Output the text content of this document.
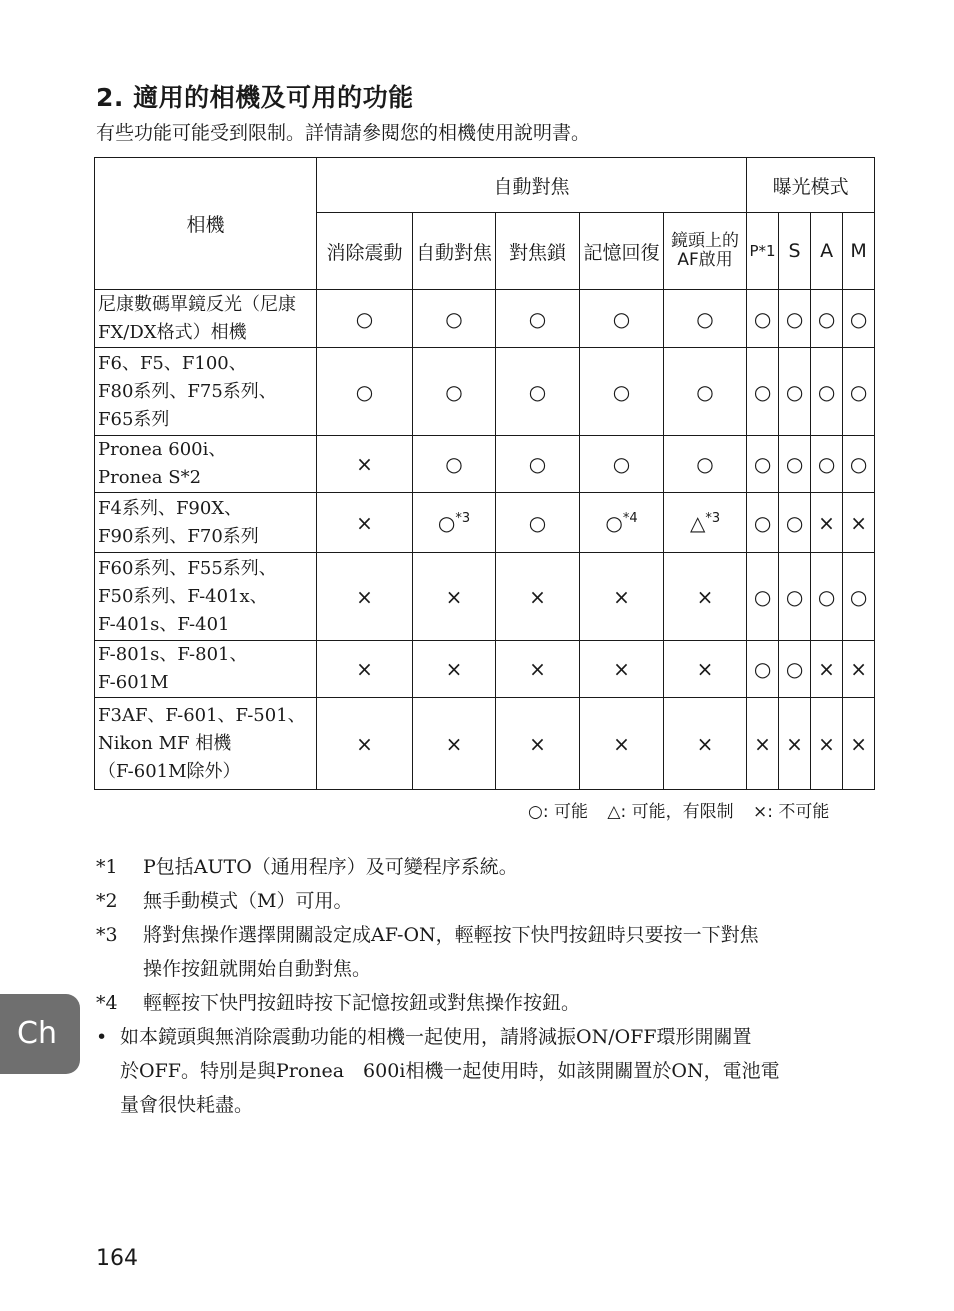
2. 適用的相機及可用的功能
有些功能可能受到限制。詳情請參閱您的相機使用說明書。
相機	自動對焦					曝光模式			
	消除震動	自動對焦	對焦鎖	記憶回復	鏡頭上的
AF啟用	P*1	S	A	M

尼康數碼單鏡反光（尼康
FX/DX格式）相機	○	○	○	○	○	○	○	○	○

F6、F5、F100、
F80系列、F75系列、
F65系列	○	○	○	○	○	○	○	○	○

Pronea 600i、
Pronea S*2	×	○	○	○	○	○	○	○	○

F4系列、F90X、
F90系列、F70系列	×	○$^{*3}$	○	○$^{*4}$	△$^{*3}$	○	○	×	×

F60系列、F55系列、
F50系列、F-401x、
F-401s、F-401	×	×	×	×	×	○	○	○	○

F-801s、F-801、
F-601M	×	×	×	×	×	○	○	×	×

F3AF、F-601、F-501、
Nikon MF 相機
（F-601M除外）	×	×	×	×	×	×	×	×	×
○: 可能 △: 可能，有限制 ×: 不可能
*1	P包括AUTO（通用程序）及可變程序系統。
*2	無手動模式（M）可用。
*3	將對焦操作選擇開關設定成AF-ON，輕輕按下快門按鈕時只要按一下對焦
操作按鈕就開始自動對焦。
*4	輕輕按下快門按鈕時按下記憶按鈕或對焦操作按鈕。
• 如本鏡頭與無消除震動功能的相機一起使用，請將減振ON/OFF環形開關置
於OFF。特別是與Pronea　600i相機一起使用時，如該開關置於ON，電池電
量會很快耗盡。
Ch
164
